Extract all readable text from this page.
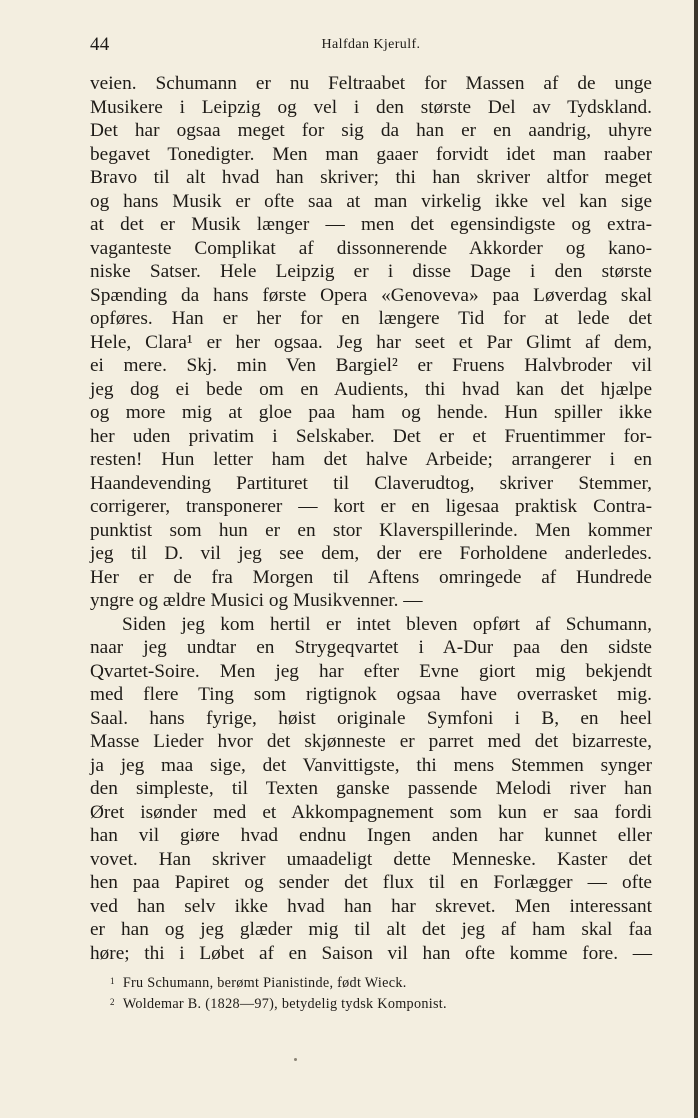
44	Halfdan Kjerulf.
veien. Schumann er nu Feltraabet for Massen af de unge
Musikere i Leipzig og vel i den største Del av Tydskland.
Det har ogsaa meget for sig da han er en aandrig, uhyre
begavet Tonedigter. Men man gaaer forvidt idet man raaber
Bravo til alt hvad han skriver; thi han skriver altfor meget
og hans Musik er ofte saa at man virkelig ikke vel kan sige
at det er Musik længer — men det egensindigste og extra-
vaganteste Complikat af dissonnerende Akkorder og kano-
niske Satser. Hele Leipzig er i disse Dage i den største
Spænding da hans første Opera «Genoveva» paa Løverdag skal
opføres. Han er her for en længere Tid for at lede det
Hele, Clara¹ er her ogsaa. Jeg har seet et Par Glimt af dem,
ei mere. Skj. min Ven Bargiel² er Fruens Halvbroder vil
jeg dog ei bede om en Audients, thi hvad kan det hjælpe
og more mig at gloe paa ham og hende. Hun spiller ikke
her uden privatim i Selskaber. Det er et Fruentimmer for-
resten! Hun letter ham det halve Arbeide; arrangerer i en
Haandevending Partituret til Claverudtog, skriver Stemmer,
corrigerer, transponerer — kort er en ligesaa praktisk Contra-
punktist som hun er en stor Klaverspillerinde. Men kommer
jeg til D. vil jeg see dem, der ere Forholdene anderledes.
Her er de fra Morgen til Aftens omringede af Hundrede
yngre og ældre Musici og Musikvenner. —
Siden jeg kom hertil er intet bleven opført af Schumann,
naar jeg undtar en Strygeqvartet i A-Dur paa den sidste
Qvartet-Soire. Men jeg har efter Evne giort mig bekjendt
med flere Ting som rigtignok ogsaa have overrasket mig.
Saal. hans fyrige, høist originale Symfoni i B, en heel
Masse Lieder hvor det skjønneste er parret med det bizarreste,
ja jeg maa sige, det Vanvittigste, thi mens Stemmen synger
den simpleste, til Texten ganske passende Melodi river han
Øret isønder med et Akkompagnement som kun er saa fordi
han vil giøre hvad endnu Ingen anden har kunnet eller
vovet. Han skriver umaadeligt dette Menneske. Kaster det
hen paa Papiret og sender det flux til en Forlægger — ofte
ved han selv ikke hvad han har skrevet. Men interessant
er han og jeg glæder mig til alt det jeg af ham skal faa
høre; thi i Løbet af en Saison vil han ofte komme fore. —
$^1$ Fru Schumann, berømt Pianistinde, født Wieck.
$^2$ Woldemar B. (1828—97), betydelig tydsk Komponist.
